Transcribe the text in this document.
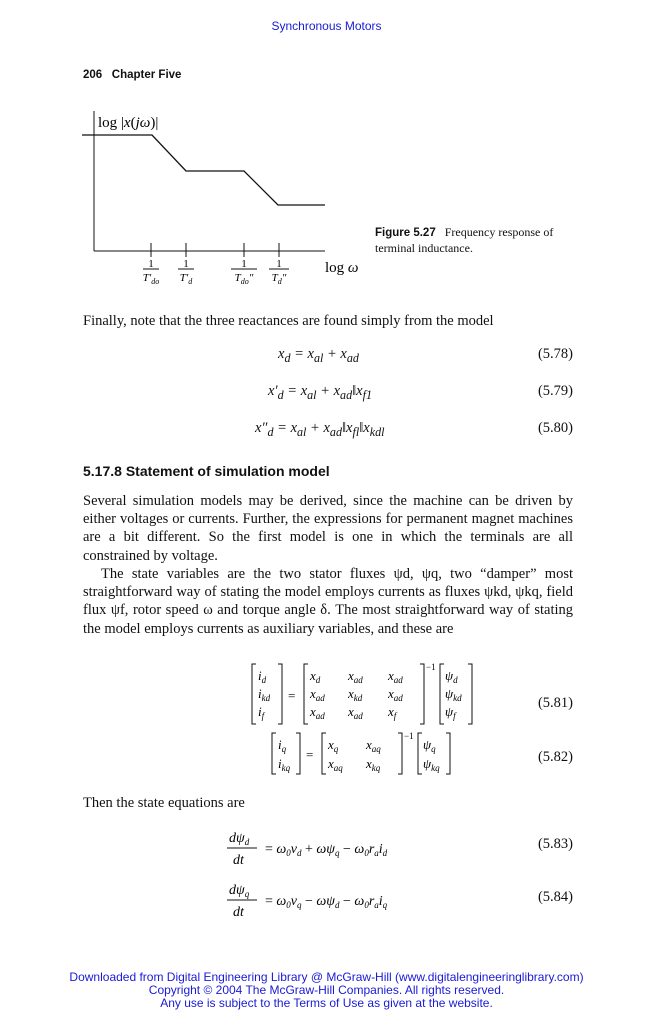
Synchronous Motors
206 Chapter Five
log |x(jω)|
1
$T'_{do}$
1
$T'_d$
1
$T_{do}''$
1
$T_d''$
log ω
Figure 5.27 Frequency response of terminal inductance.
Finally, note that the three reactances are found simply from the model
$x_d = x_{al} + x_{ad}$	(5.78)
$x'_d = x_{al}$ + $x_{ad}‖x_{f1}$	(5.79)
$x''_d = x_{al}$ + $x_{ad}‖x_{fl}‖x_{kdl}$	(5.80)
5.17.8 Statement of simulation model
Several simulation models may be derived, since the machine can be driven by either voltages or currents. Further, the expressions for permanent magnet machines are a bit different. So the first model is one in which the terminals are all constrained by voltage.
The state variables are the two stator fluxes ψd, ψq, two “damper” most straightforward way of stating the model employs currents as fluxes ψkd, ψkq, field flux ψf, rotor speed ω and torque angle δ. The most straightforward way of stating the model employs currents as auxiliary variables, and these are
$i_d$
$i_{kd}$
$i_f$
=
$x_d$ $x_{ad}$ $x_{ad}$
$x_{ad}$ $x_{kd}$ $x_{ad}$
$x_{ad}$ $x_{ad}$ $x_f$
−1
$\psi_d$
$\psi_{kd}$
$\psi_f$
(5.81)
$i_q$
$i_{kq}$
=
$x_q$ $x_{aq}$
$x_{aq}$ $x_{kq}$
−1
$\psi_q$
$\psi_{kq}$
(5.82)
Then the state equations are
$d\psi_d$
dt
= $\omega_0v_d + \omega\psi_q - \omega_0r_ai_d$
(5.83)
$d\psi_q$
dt
= $\omega_0v_q - \omega\psi_d - \omega_0r_ai_q$	(5.84)
Downloaded from Digital Engineering Library @ McGraw-Hill (www.digitalengineeringlibrary.com)
Copyright © 2004 The McGraw-Hill Companies. All rights reserved.
Any use is subject to the Terms of Use as given at the website.
